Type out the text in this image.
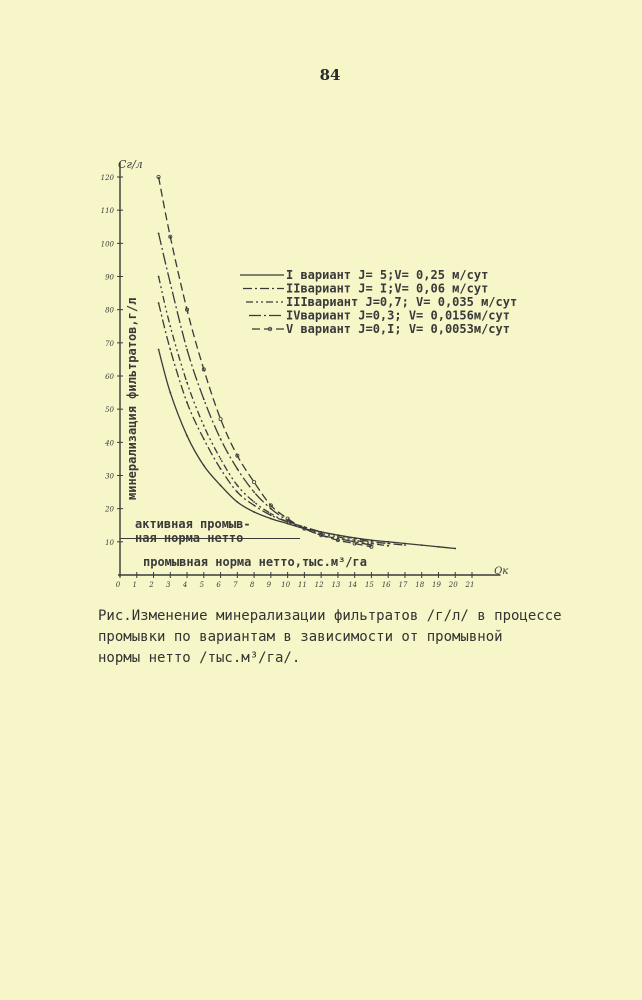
84
10
20
30
40
50
60
70
80
90
100
110
120
0 1 2 3 4 5 6 7 8 9 10 11 12 13 14 15 16 17 18 19 20 21
I вариант J= 5;V= 0,25 м/сут
IIвариант J= I;V= 0,06 м/сут
IIIвариант J=0,7; V= 0,035 м/сут
IVвариант J=0,3; V= 0,0156м/сут
V вариант J=0,I; V= 0,0053м/сут
Сг/л
Qк
минерализация фильтратов,г/л
промывная норма нетто,тыс.м³/га
активная промыв-
ная норма нетто
Рис.Изменение минерализации фильтратов /г/л/ в процессе
промывки по вариантам в зависимости от промывной
нормы нетто /тыс.м³/га/.
